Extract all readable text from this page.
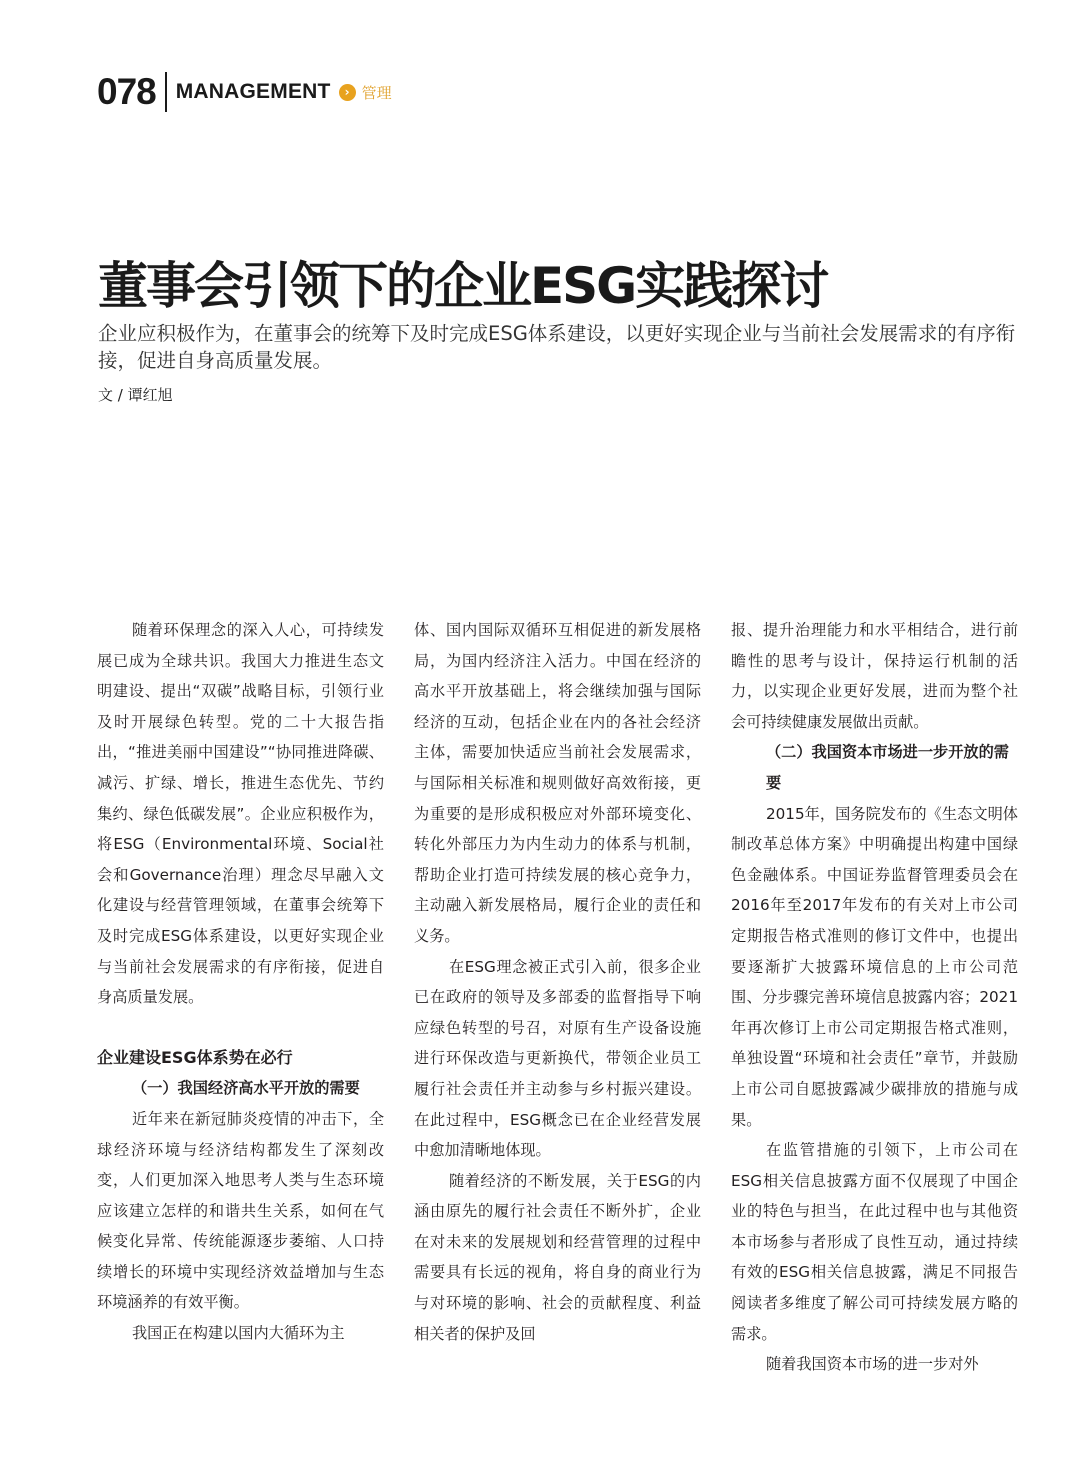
078 MANAGEMENT	› 管理
董事会引领下的企业ESG实践探讨

企业应积极作为，在董事会的统筹下及时完成ESG体系建设，以更好实现企业与当前社会发展需求的有序衔接，促进自身高质量发展。

文 / 谭红旭

随着环保理念的深入人心，可持续发展已成为全球共识。我国大力推进生态文明建设、提出“双碳”战略目标，引领行业及时开展绿色转型。党的二十大报告指出，“推进美丽中国建设”“协同推进降碳、减污、扩绿、增长，推进生态优先、节约集约、绿色低碳发展”。企业应积极作为，将ESG（Environmental环境、Social社会和Governance治理）理念尽早融入文化建设与经营管理领域，在董事会统筹下及时完成ESG体系建设，以更好实现企业与当前社会发展需求的有序衔接，促进自身高质量发展。

企业建设ESG体系势在必行
（一）我国经济高水平开放的需要

近年来在新冠肺炎疫情的冲击下，全球经济环境与经济结构都发生了深刻改变，人们更加深入地思考人类与生态环境应该建立怎样的和谐共生关系，如何在气候变化异常、传统能源逐步萎缩、人口持续增长的环境中实现经济效益增加与生态环境涵养的有效平衡。

我国正在构建以国内大循环为主

体、国内国际双循环互相促进的新发展格局，为国内经济注入活力。中国在经济的高水平开放基础上，将会继续加强与国际经济的互动，包括企业在内的各社会经济主体，需要加快适应当前社会发展需求，与国际相关标准和规则做好高效衔接，更为重要的是形成积极应对外部环境变化、转化外部压力为内生动力的体系与机制，帮助企业打造可持续发展的核心竞争力，主动融入新发展格局，履行企业的责任和义务。

在ESG理念被正式引入前，很多企业已在政府的领导及多部委的监督指导下响应绿色转型的号召，对原有生产设备设施进行环保改造与更新换代，带领企业员工履行社会责任并主动参与乡村振兴建设。在此过程中，ESG概念已在企业经营发展中愈加清晰地体现。

随着经济的不断发展，关于ESG的内涵由原先的履行社会责任不断外扩，企业在对未来的发展规划和经营管理的过程中需要具有长远的视角，将自身的商业行为与对环境的影响、社会的贡献程度、利益相关者的保护及回

报、提升治理能力和水平相结合，进行前瞻性的思考与设计，保持运行机制的活力，以实现企业更好发展，进而为整个社会可持续健康发展做出贡献。

（二）我国资本市场进一步开放的需要

2015年，国务院发布的《生态文明体制改革总体方案》中明确提出构建中国绿色金融体系。中国证券监督管理委员会在2016年至2017年发布的有关对上市公司定期报告格式准则的修订文件中，也提出要逐渐扩大披露环境信息的上市公司范围、分步骤完善环境信息披露内容；2021年再次修订上市公司定期报告格式准则，单独设置“环境和社会责任”章节，并鼓励上市公司自愿披露减少碳排放的措施与成果。

在监管措施的引领下，上市公司在ESG相关信息披露方面不仅展现了中国企业的特色与担当，在此过程中也与其他资本市场参与者形成了良性互动，通过持续有效的ESG相关信息披露，满足不同报告阅读者多维度了解公司可持续发展方略的需求。

随着我国资本市场的进一步对外
